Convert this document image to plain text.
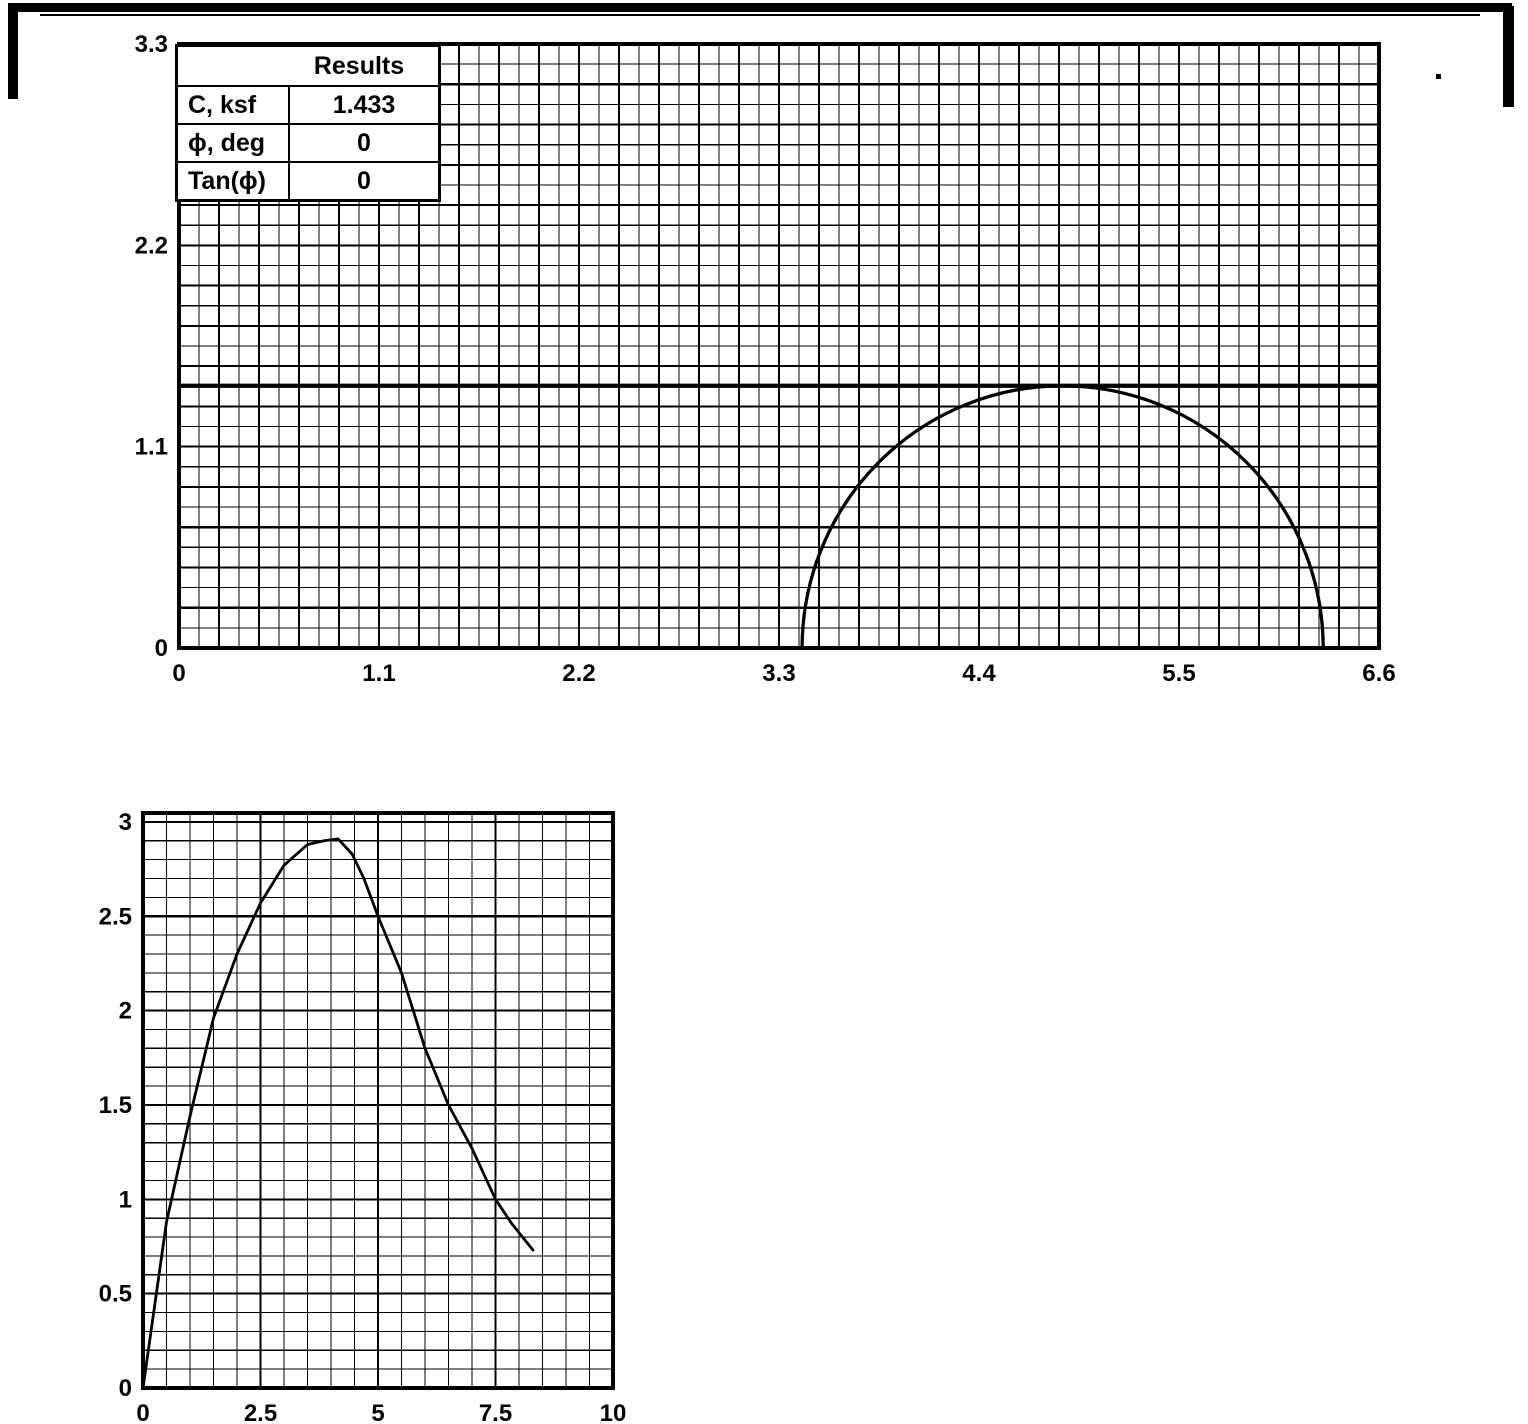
0	1.1	2.2	3.3	4.4	5.5	6.6
0
1.1
2.2
3.3
0	2.5	5	7.5	10
0
0.5
1
1.5
2
2.5
3
Results	
C, ksf	1.433
ϕ, deg	0
Tan(ϕ)	0
